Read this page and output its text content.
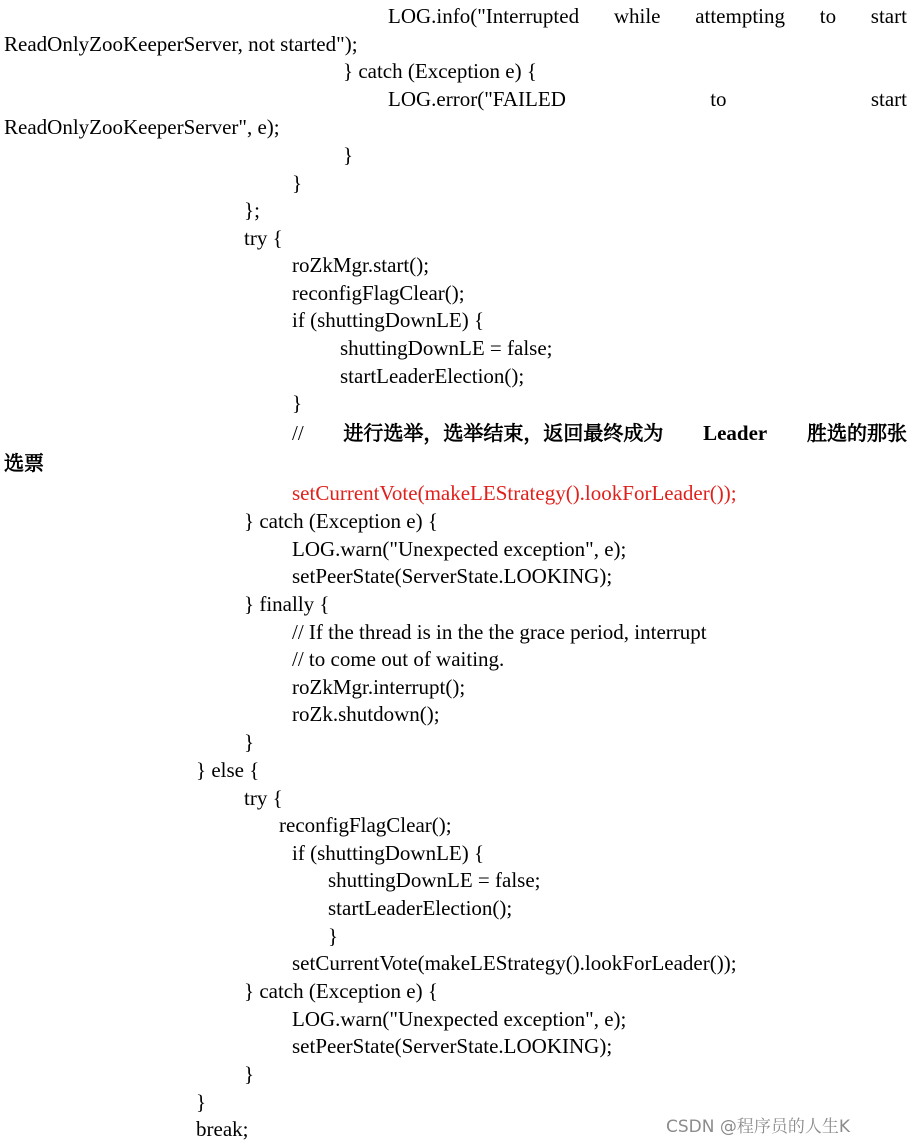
LOG.info("Interrupted while attempting to start
ReadOnlyZooKeeperServer, not started");
} catch (Exception e) {
LOG.error("FAILED	to	start
ReadOnlyZooKeeperServer", e);
}
}
};
try {
roZkMgr.start();
reconfigFlagClear();
if (shuttingDownLE) {
shuttingDownLE = false;
startLeaderElection();
}
// 进行选举，选举结束，返回最终成为 Leader 胜选的那张
选票
setCurrentVote(makeLEStrategy().lookForLeader());
} catch (Exception e) {
LOG.warn("Unexpected exception", e);
setPeerState(ServerState.LOOKING);
} finally {
// If the thread is in the the grace period, interrupt
// to come out of waiting.
roZkMgr.interrupt();
roZk.shutdown();
}
} else {
try {
reconfigFlagClear();
if (shuttingDownLE) {
shuttingDownLE = false;
startLeaderElection();
}
setCurrentVote(makeLEStrategy().lookForLeader());
} catch (Exception e) {
LOG.warn("Unexpected exception", e);
setPeerState(ServerState.LOOKING);
}
}
break;	CSDN @程序员的人生K
